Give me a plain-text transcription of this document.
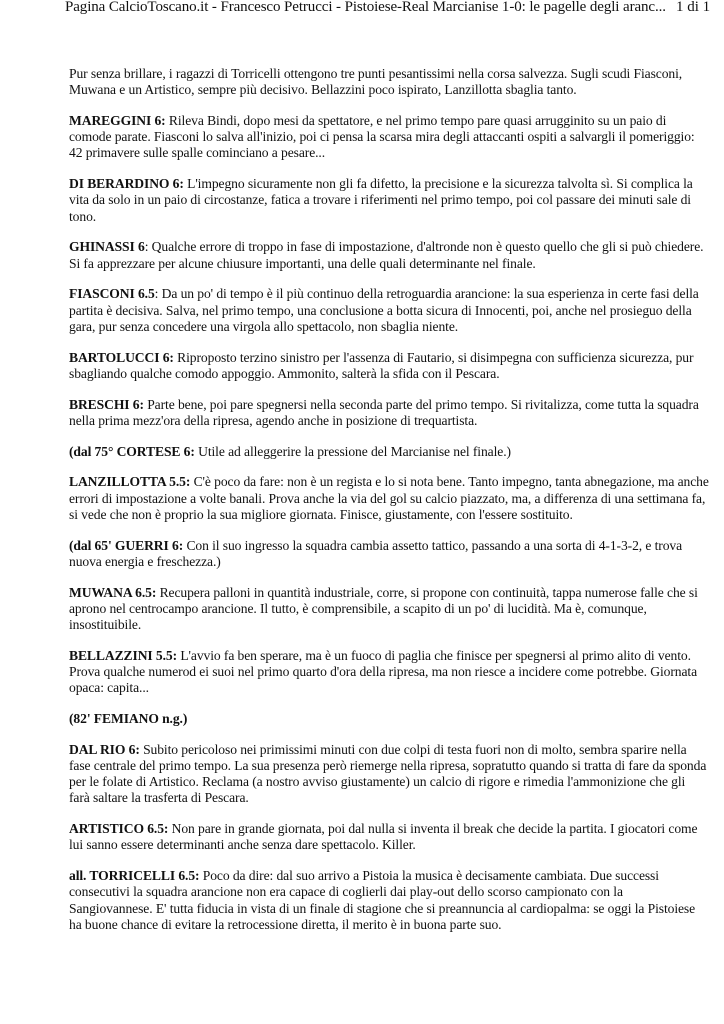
Pagina CalcioToscano.it - Francesco Petrucci - Pistoiese-Real Marcianise 1-0: le pagelle degli aranc... 1 di 1

Pur senza brillare, i ragazzi di Torricelli ottengono tre punti pesantissimi nella corsa salvezza. Sugli scudi Fiasconi, Muwana e un Artistico, sempre più decisivo. Bellazzini poco ispirato, Lanzillotta sbaglia tanto.

MAREGGINI 6: Rileva Bindi, dopo mesi da spettatore, e nel primo tempo pare quasi arrugginito su un paio di comode parate. Fiasconi lo salva all'inizio, poi ci pensa la scarsa mira degli attaccanti ospiti a salvargli il pomeriggio: 42 primavere sulle spalle cominciano a pesare...

DI BERARDINO 6: L'impegno sicuramente non gli fa difetto, la precisione e la sicurezza talvolta sì. Si complica la vita da solo in un paio di circostanze, fatica a trovare i riferimenti nel primo tempo, poi col passare dei minuti sale di tono.

GHINASSI 6: Qualche errore di troppo in fase di impostazione, d'altronde non è questo quello che gli si può chiedere. Si fa apprezzare per alcune chiusure importanti, una delle quali determinante nel finale.

FIASCONI 6.5: Da un po' di tempo è il più continuo della retroguardia arancione: la sua esperienza in certe fasi della partita è decisiva. Salva, nel primo tempo, una conclusione a botta sicura di Innocenti, poi, anche nel prosieguo della gara, pur senza concedere una virgola allo spettacolo, non sbaglia niente.

BARTOLUCCI 6: Riproposto terzino sinistro per l'assenza di Fautario, si disimpegna con sufficienza sicurezza, pur sbagliando qualche comodo appoggio. Ammonito, salterà la sfida con il Pescara.

BRESCHI 6: Parte bene, poi pare spegnersi nella seconda parte del primo tempo. Si rivitalizza, come tutta la squadra nella prima mezz'ora della ripresa, agendo anche in posizione di trequartista.

(dal 75° CORTESE 6: Utile ad alleggerire la pressione del Marcianise nel finale.)

LANZILLOTTA 5.5: C'è poco da fare: non è un regista e lo si nota bene. Tanto impegno, tanta abnegazione, ma anche errori di impostazione a volte banali. Prova anche la via del gol su calcio piazzato, ma, a differenza di una settimana fa, si vede che non è proprio la sua migliore giornata. Finisce, giustamente, con l'essere sostituito.

(dal 65' GUERRI 6: Con il suo ingresso la squadra cambia assetto tattico, passando a una sorta di 4-1-3-2, e trova nuova energia e freschezza.)

MUWANA 6.5: Recupera palloni in quantità industriale, corre, si propone con continuità, tappa numerose falle che si aprono nel centrocampo arancione. Il tutto, è comprensibile, a scapito di un po' di lucidità. Ma è, comunque, insostituibile.

BELLAZZINI 5.5: L'avvio fa ben sperare, ma è un fuoco di paglia che finisce per spegnersi al primo alito di vento. Prova qualche numerod ei suoi nel primo quarto d'ora della ripresa, ma non riesce a incidere come potrebbe. Giornata opaca: capita...

(82' FEMIANO n.g.)

DAL RIO 6: Subito pericoloso nei primissimi minuti con due colpi di testa fuori non di molto, sembra sparire nella fase centrale del primo tempo. La sua presenza però riemerge nella ripresa, sopratutto quando si tratta di fare da sponda per le folate di Artistico. Reclama (a nostro avviso giustamente) un calcio di rigore e rimedia l'ammonizione che gli farà saltare la trasferta di Pescara.

ARTISTICO 6.5: Non pare in grande giornata, poi dal nulla si inventa il break che decide la partita. I giocatori come lui sanno essere determinanti anche senza dare spettacolo. Killer.

all. TORRICELLI 6.5: Poco da dire: dal suo arrivo a Pistoia la musica è decisamente cambiata. Due successi consecutivi la squadra arancione non era capace di coglierli dai play-out dello scorso campionato con la Sangiovannese. E' tutta fiducia in vista di un finale di stagione che si preannuncia al cardiopalma: se oggi la Pistoiese ha buone chance di evitare la retrocessione diretta, il merito è in buona parte suo.
